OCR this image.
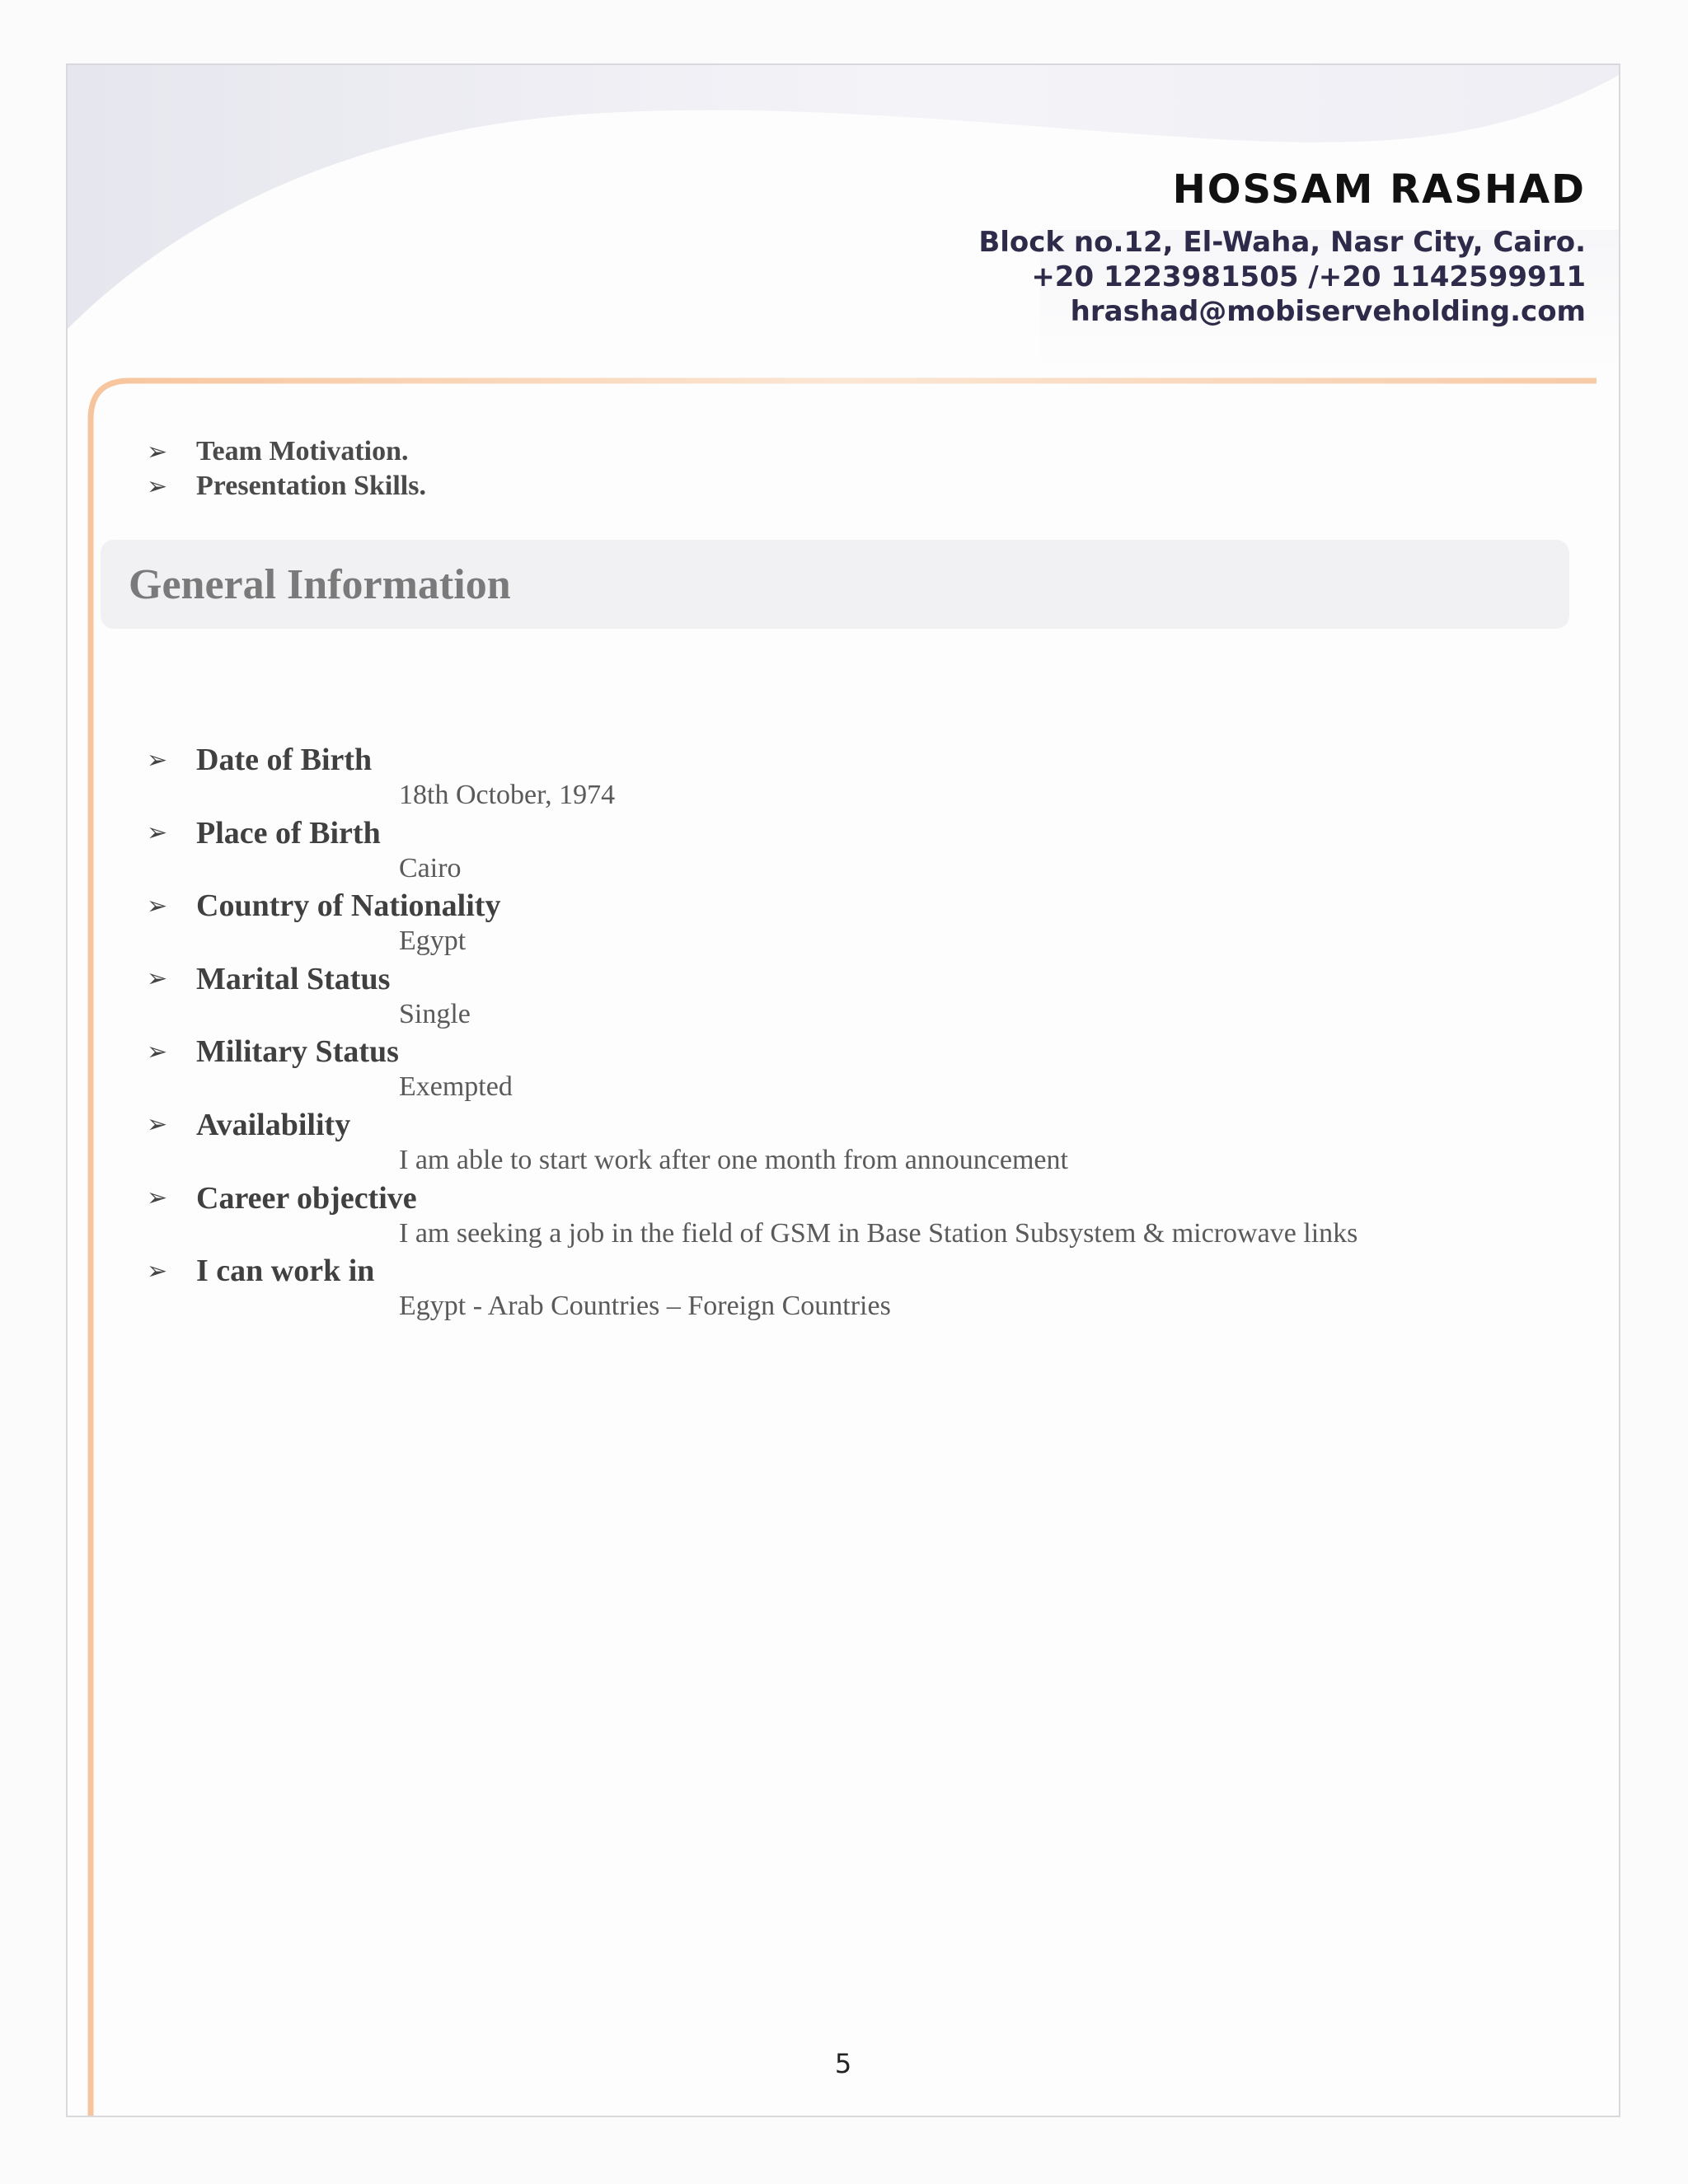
HOSSAM RASHAD
Block no.12, El-Waha, Nasr City, Cairo.
+20 1223981505 /+20 1142599911
hrashad@mobiserveholding.com
➢	Team Motivation.
➢	Presentation Skills.
General Information
➢ Date of Birth
18th October, 1974
➢ Place of Birth
Cairo
➢ Country of Nationality
Egypt
➢ Marital Status
Single
➢ Military Status
Exempted
➢ Availability
I am able to start work after one month from announcement
➢ Career objective
I am seeking a job in the field of GSM in Base Station Subsystem & microwave links
➢ I can work in
Egypt - Arab Countries – Foreign Countries
5
